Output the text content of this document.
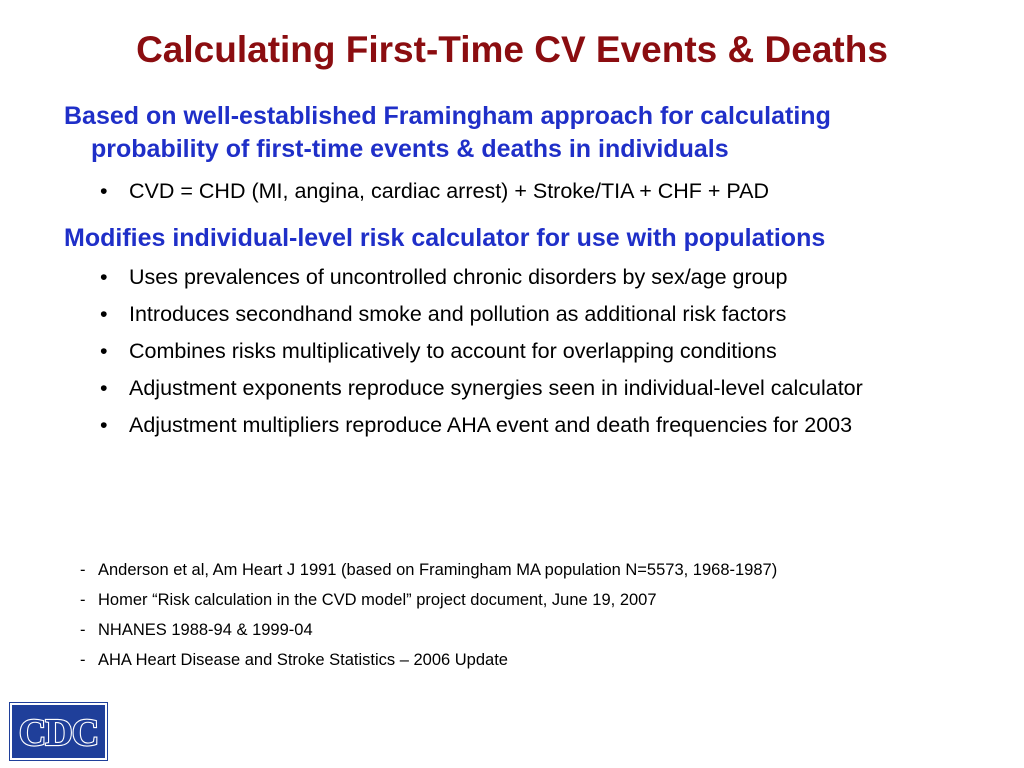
Calculating First-Time CV Events & Deaths
Based on well-established Framingham approach for calculating
probability of first-time events & deaths in individuals
• CVD = CHD (MI, angina, cardiac arrest) + Stroke/TIA + CHF + PAD
Modifies individual-level risk calculator for use with populations
• Uses prevalences of uncontrolled chronic disorders by sex/age group
• Introduces secondhand smoke and pollution as additional risk factors
• Combines risks multiplicatively to account for overlapping conditions
• Adjustment exponents reproduce synergies seen in individual-level calculator
• Adjustment multipliers reproduce AHA event and death frequencies for 2003
- Anderson et al, Am Heart J 1991 (based on Framingham MA population N=5573, 1968-1987)
- Homer “Risk calculation in the CVD model” project document, June 19, 2007
- NHANES 1988-94 & 1999-04
- AHA Heart Disease and Stroke Statistics – 2006 Update
CDC
